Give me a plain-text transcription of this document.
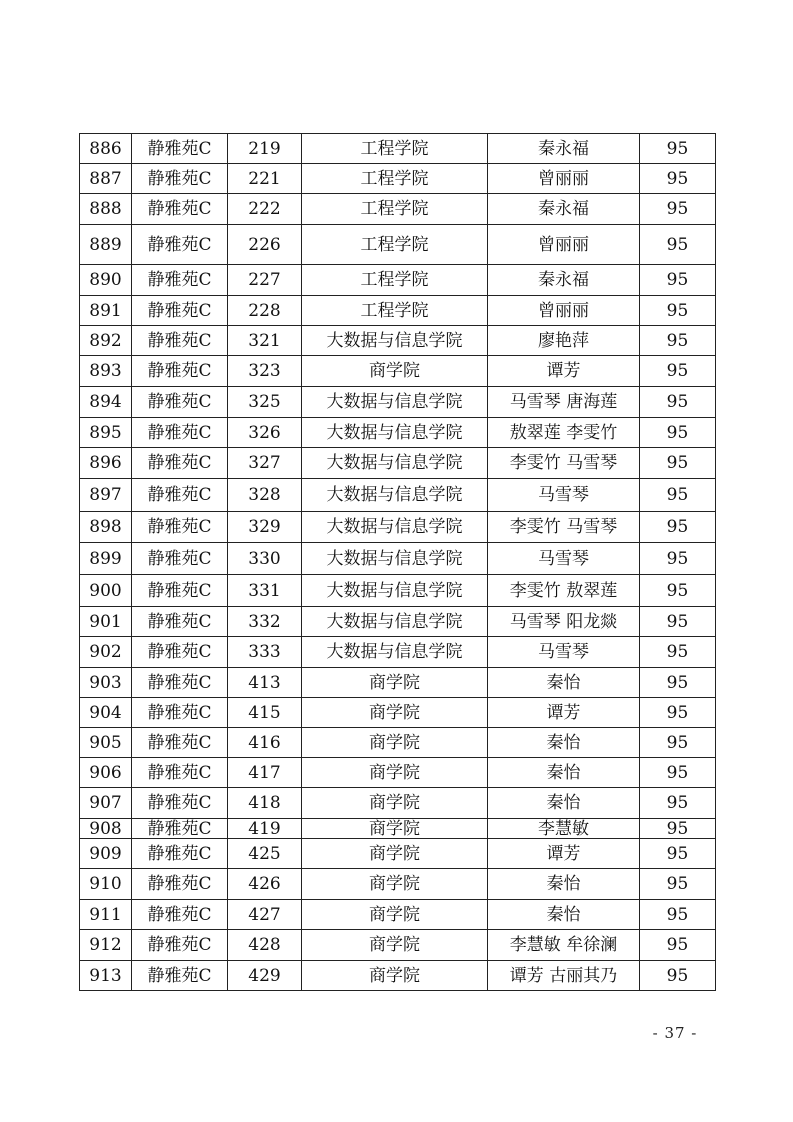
886	静雅苑C	219	工程学院	秦永福	95
887	静雅苑C	221	工程学院	曾丽丽	95
888	静雅苑C	222	工程学院	秦永福	95
889	静雅苑C	226	工程学院	曾丽丽	95
890	静雅苑C	227	工程学院	秦永福	95
891	静雅苑C	228	工程学院	曾丽丽	95
892	静雅苑C	321	大数据与信息学院	廖艳萍	95
893	静雅苑C	323	商学院	谭芳	95
894	静雅苑C	325	大数据与信息学院	马雪琴 唐海莲	95
895	静雅苑C	326	大数据与信息学院	敖翠莲 李雯竹	95
896	静雅苑C	327	大数据与信息学院	李雯竹 马雪琴	95
897	静雅苑C	328	大数据与信息学院	马雪琴	95
898	静雅苑C	329	大数据与信息学院	李雯竹 马雪琴	95
899	静雅苑C	330	大数据与信息学院	马雪琴	95
900	静雅苑C	331	大数据与信息学院	李雯竹 敖翠莲	95
901	静雅苑C	332	大数据与信息学院	马雪琴 阳龙燚	95
902	静雅苑C	333	大数据与信息学院	马雪琴	95
903	静雅苑C	413	商学院	秦怡	95
904	静雅苑C	415	商学院	谭芳	95
905	静雅苑C	416	商学院	秦怡	95
906	静雅苑C	417	商学院	秦怡	95
907	静雅苑C	418	商学院	秦怡	95
908	静雅苑C	419	商学院	李慧敏	95
909	静雅苑C	425	商学院	谭芳	95
910	静雅苑C	426	商学院	秦怡	95
911	静雅苑C	427	商学院	秦怡	95
912	静雅苑C	428	商学院	李慧敏 牟徐澜	95
913	静雅苑C	429	商学院	谭芳 古丽其乃	95
- 37 -
